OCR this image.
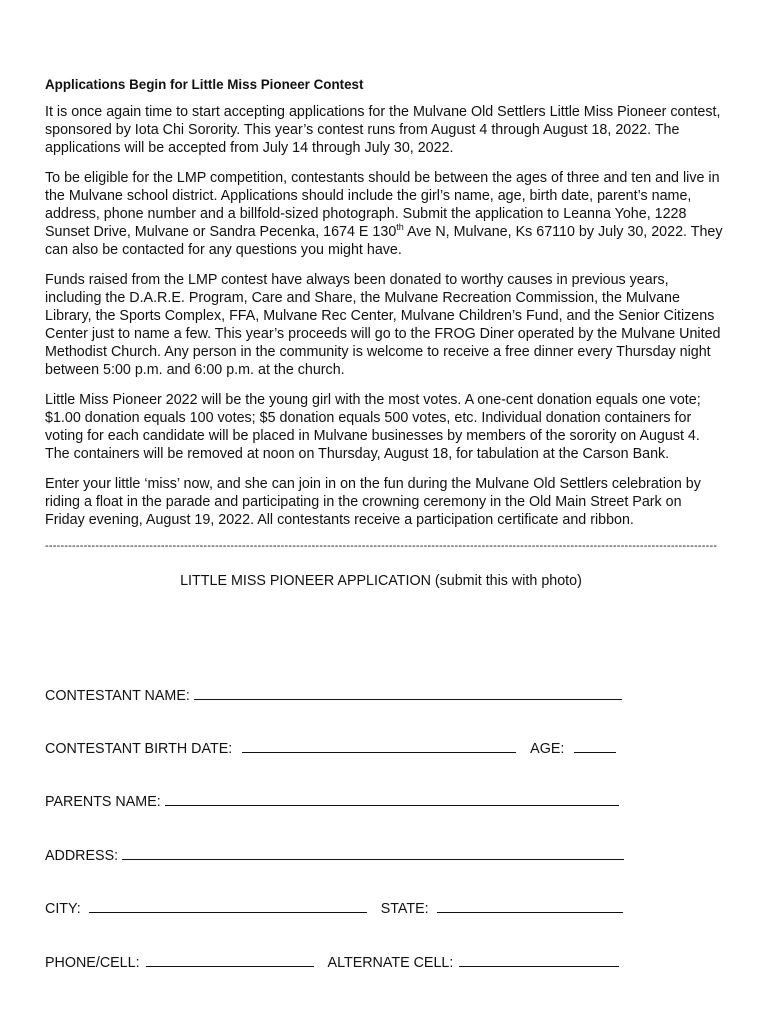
Applications Begin for Little Miss Pioneer Contest

It is once again time to start accepting applications for the Mulvane Old Settlers Little Miss Pioneer contest, sponsored by Iota Chi Sorority. This year’s contest runs from August 4 through August 18, 2022. The applications will be accepted from July 14 through July 30, 2022.

To be eligible for the LMP competition, contestants should be between the ages of three and ten and live in the Mulvane school district. Applications should include the girl’s name, age, birth date, parent’s name, address, phone number and a billfold-sized photograph. Submit the application to Leanna Yohe, 1228 Sunset Drive, Mulvane or Sandra Pecenka, 1674 E 130th Ave N, Mulvane, Ks 67110 by July 30, 2022. They can also be contacted for any questions you might have.

Funds raised from the LMP contest have always been donated to worthy causes in previous years, including the D.A.R.E. Program, Care and Share, the Mulvane Recreation Commission, the Mulvane Library, the Sports Complex, FFA, Mulvane Rec Center, Mulvane Children’s Fund, and the Senior Citizens Center just to name a few. This year’s proceeds will go to the FROG Diner operated by the Mulvane United Methodist Church. Any person in the community is welcome to receive a free dinner every Thursday night between 5:00 p.m. and 6:00 p.m. at the church.

Little Miss Pioneer 2022 will be the young girl with the most votes. A one-cent donation equals one vote; $1.00 donation equals 100 votes; $5 donation equals 500 votes, etc. Individual donation containers for voting for each candidate will be placed in Mulvane businesses by members of the sorority on August 4. The containers will be removed at noon on Thursday, August 18, for tabulation at the Carson Bank.

Enter your little ‘miss’ now, and she can join in on the fun during the Mulvane Old Settlers celebration by riding a float in the parade and participating in the crowning ceremony in the Old Main Street Park on Friday evening, August 19, 2022. All contestants receive a participation certificate and ribbon.

------------------------------------------------------------------------------------------------------------------------------------------------------------------------------
LITTLE MISS PIONEER APPLICATION (submit this with photo)
CONTESTANT NAME:
CONTESTANT BIRTH DATE:	AGE:
PARENTS NAME:
ADDRESS:
CITY:	STATE:
PHONE/CELL:	ALTERNATE CELL:
